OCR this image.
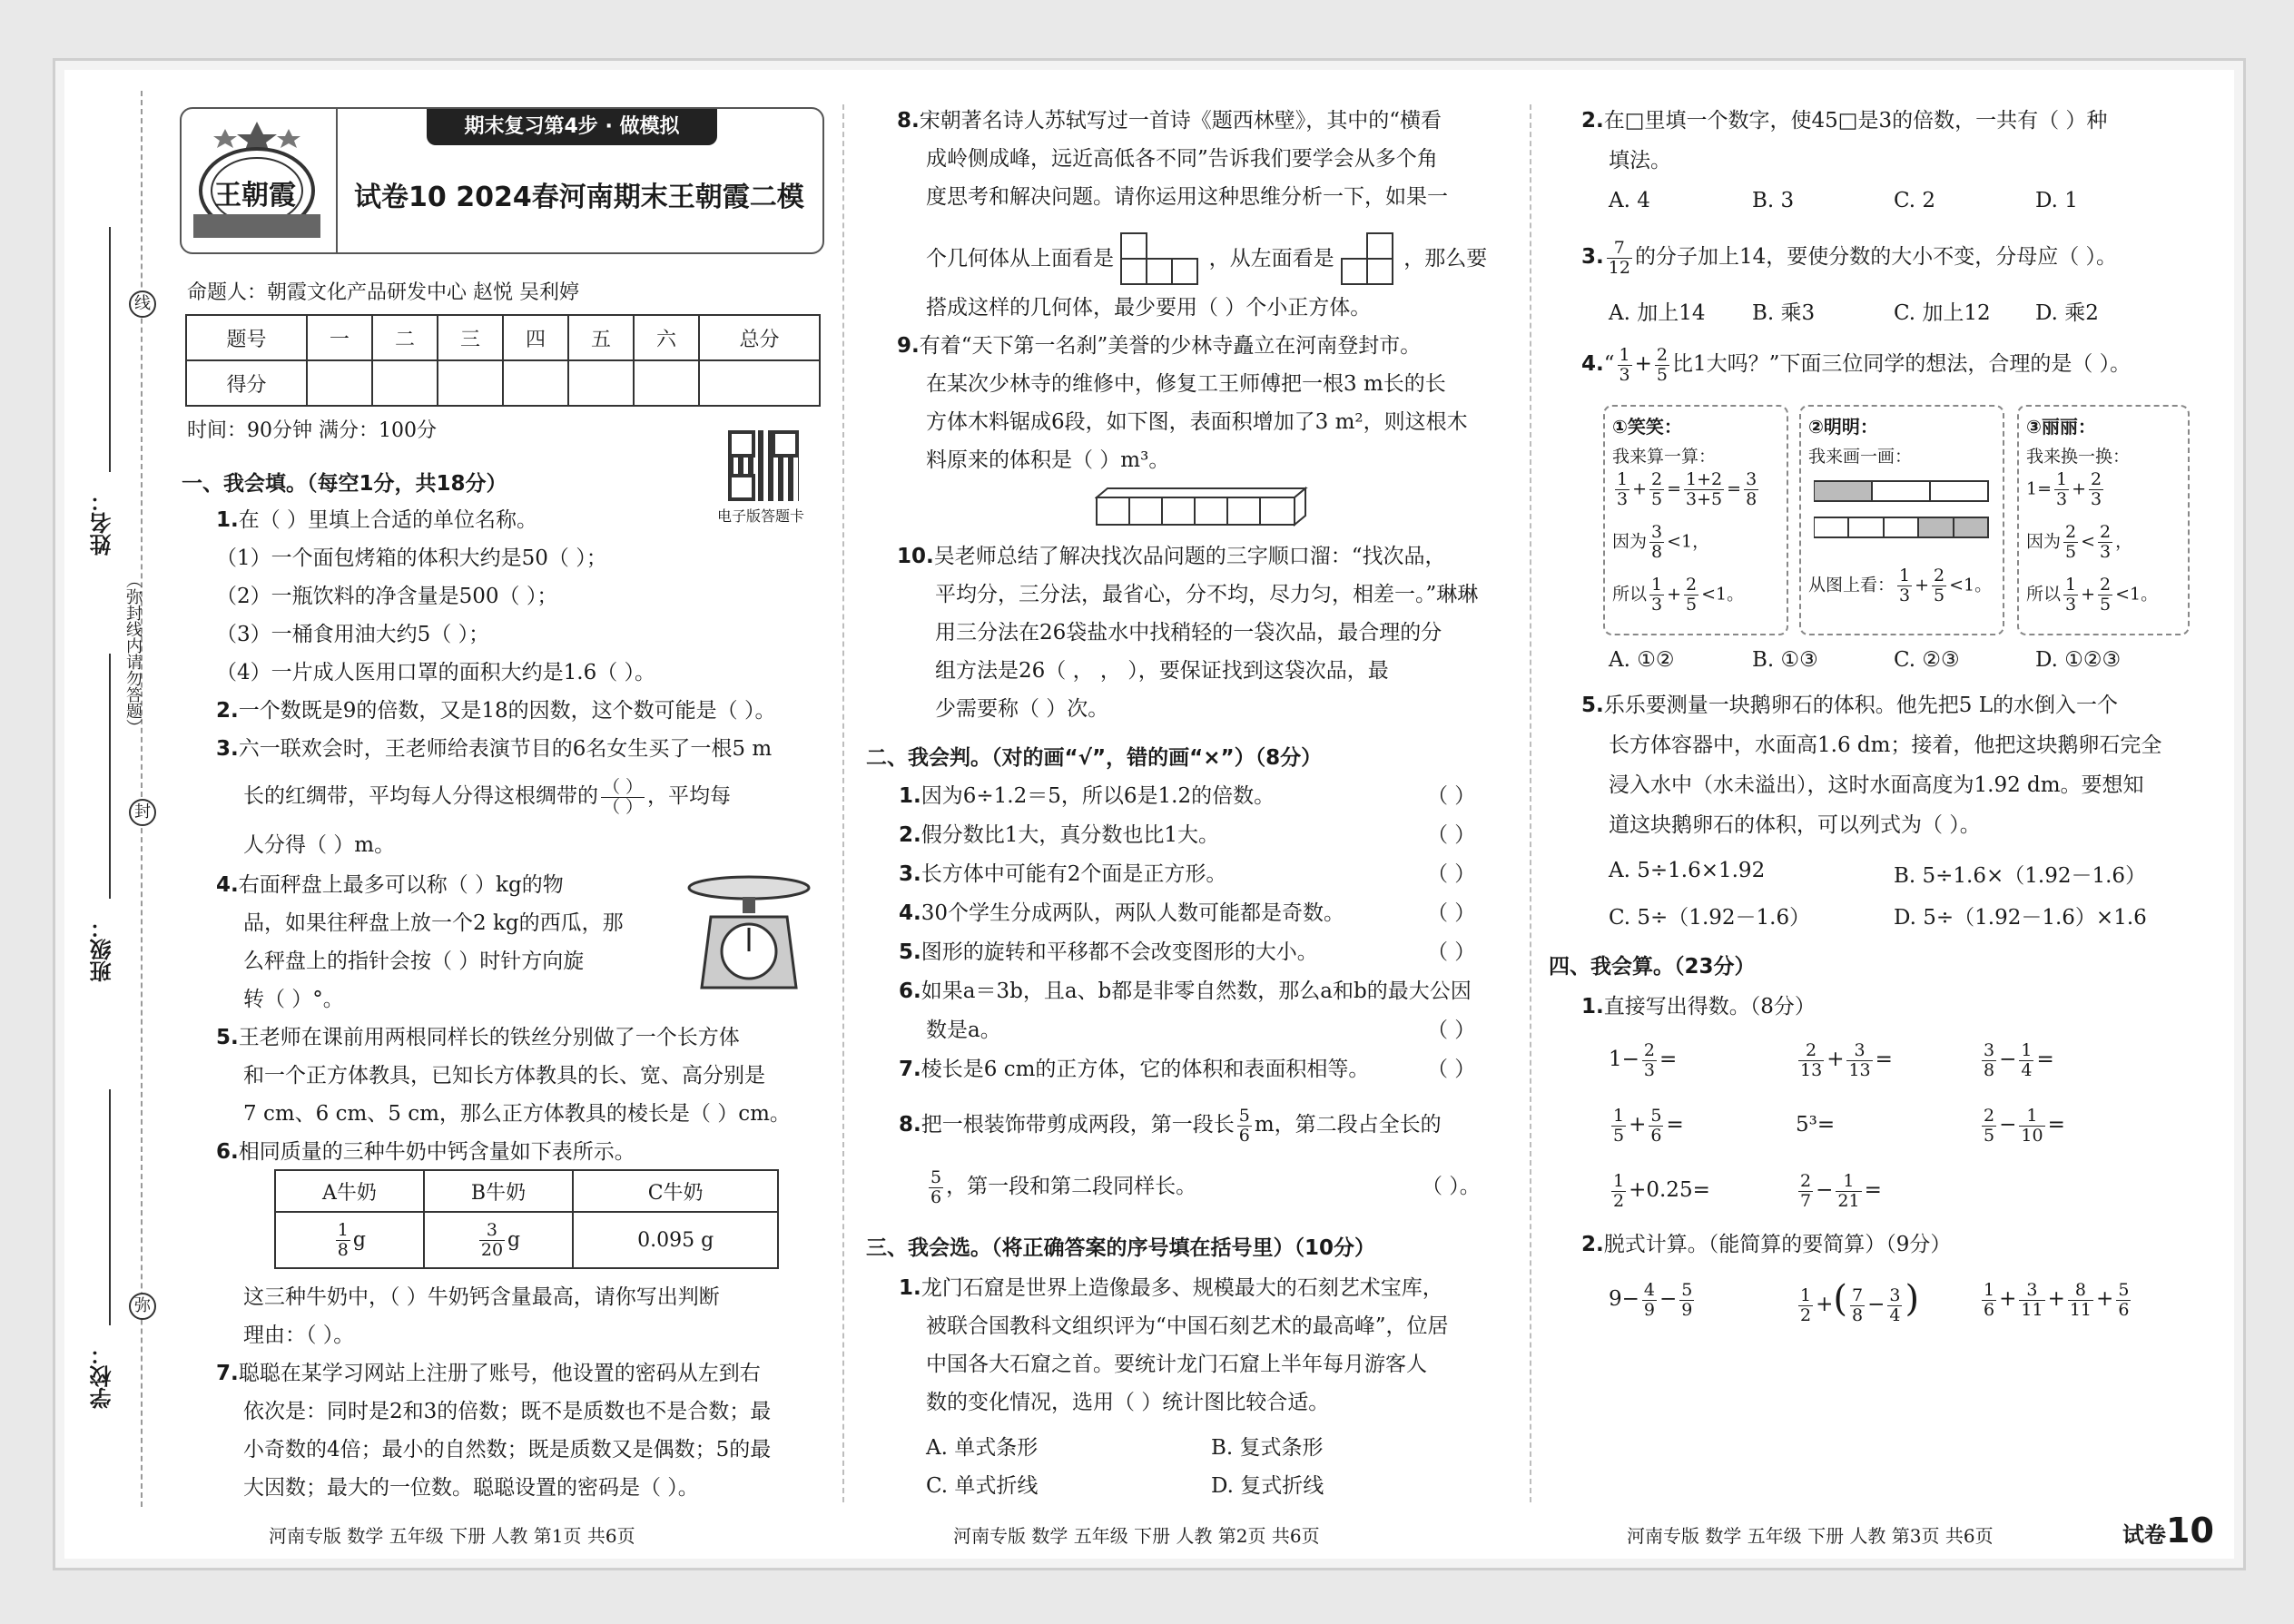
线
封
弥
（弥封线内请勿答题）
姓名：
班级：
学校：
王朝霞
期末复习第4步 · 做模拟
试卷10 2024春河南期末王朝霞二模
命题人：朝霞文化产品研发中心 赵悦 吴利婷
题号	一	二	三	四	五	六	总分
得分							
时间：90分钟 满分：100分
电子版答题卡
一、我会填。（每空1分，共18分）
1.在（ ）里填上合适的单位名称。
（1）一个面包烤箱的体积大约是50（ ）；
（2）一瓶饮料的净含量是500（ ）；
（3）一桶食用油大约5（ ）；
（4）一片成人医用口罩的面积大约是1.6（ ）。
2.一个数既是9的倍数，又是18的因数，这个数可能是（ ）。
3.六一联欢会时，王老师给表演节目的6名女生买了一根5 m
长的红绸带，平均每人分得这根绸带的 $\frac{( )}{( )}$ ，平均每
人分得（ ）m。
4.右面秤盘上最多可以称（ ）kg的物
品，如果往秤盘上放一个2 kg的西瓜，那
么秤盘上的指针会按（ ）时针方向旋
转（ ）°。
5.王老师在课前用两根同样长的铁丝分别做了一个长方体
和一个正方体教具，已知长方体教具的长、宽、高分别是
7 cm、6 cm、5 cm，那么正方体教具的棱长是（ ）cm。
6.相同质量的三种牛奶中钙含量如下表所示。
A牛奶	B牛奶	C牛奶

$\frac{1}{8}$ g	$\frac{3}{20}$ g	0.095 g
这三种牛奶中，（ ）牛奶钙含量最高，请你写出判断
理由：（ ）。
7.聪聪在某学习网站上注册了账号，他设置的密码从左到右
依次是：同时是2和3的倍数；既不是质数也不是合数；最
小奇数的4倍；最小的自然数；既是质数又是偶数；5的最
大因数；最大的一位数。聪聪设置的密码是（ ）。
8.宋朝著名诗人苏轼写过一首诗《题西林壁》，其中的“横看
成岭侧成峰，远近高低各不同”告诉我们要学会从多个角
度思考和解决问题。请你运用这种思维分析一下，如果一
个几何体从上面看是	，从左面看是	，那么要
搭成这样的几何体，最少要用（ ）个小正方体。
9.有着“天下第一名刹”美誉的少林寺矗立在河南登封市。
在某次少林寺的维修中，修复工王师傅把一根3 m长的长
方体木料锯成6段，如下图，表面积增加了3 m²，则这根木
料原来的体积是（ ）m³。
10.吴老师总结了解决找次品问题的三字顺口溜：“找次品，
平均分，三分法，最省心，分不均，尽力匀，相差一。”琳琳
用三分法在26袋盐水中找稍轻的一袋次品，最合理的分
组方法是26（ ， ， ），要保证找到这袋次品，最
少需要称（ ）次。
二、我会判。（对的画“√”，错的画“×”）（8分）
1.因为6÷1.2＝5，所以6是1.2的倍数。
2.假分数比1大，真分数也比1大。
3.长方体中可能有2个面是正方形。
4.30个学生分成两队，两队人数可能都是奇数。
5.图形的旋转和平移都不会改变图形的大小。
6.如果a＝3b，且a、b都是非零自然数，那么a和b的最大公因
数是a。
7.棱长是6 cm的正方体，它的体积和表面积相等。
（ ）
（ ）
（ ）
（ ）
（ ）
（ ）
（ ）
8.把一根装饰带剪成两段，第一段长 $\frac{5}{6}$ m，第二段占全长的
$\frac{5}{6}$ ，第一段和第二段同样长。	（ ）。
三、我会选。（将正确答案的序号填在括号里）（10分）
1.龙门石窟是世界上造像最多、规模最大的石刻艺术宝库，
被联合国教科文组织评为“中国石刻艺术的最高峰”，位居
中国各大石窟之首。要统计龙门石窟上半年每月游客人
数的变化情况，选用（ ）统计图比较合适。
A. 单式条形	B. 复式条形
C. 单式折线	D. 复式折线
2.在□里填一个数字，使45□是3的倍数，一共有（ ）种
填法。
A. 4	B. 3	C. 2	D. 1
3. $\frac{7}{12}$ 的分子加上14，要使分数的大小不变，分母应（ ）。
A. 加上14 B. 乘3	C. 加上12 D. 乘2
4.“ $\frac{1}{3} + \frac{2}{5}$ 比1大吗？”下面三位同学的想法，合理的是（ ）。
①笑笑：
我来算一算：
$\frac{1}{3} + \frac{2}{5} = \frac{1+2}{3+5} = \frac{3}{8}$
因为 $\frac{3}{8} <1$，
所以 $\frac{1}{3} + \frac{2}{5} <1$。
②明明：
我来画一画：
从图上看： $\frac{1}{3} + \frac{2}{5} <1$。
③丽丽：
我来换一换：
$1= \frac{1}{3} + \frac{2}{3}$
因为 $\frac{2}{5} < \frac{2}{3}$ ，
所以 $\frac{1}{3} + \frac{2}{5} <1$。
A. ①②	B. ①③	C. ②③	D. ①②③
5.乐乐要测量一块鹅卵石的体积。他先把5 L的水倒入一个
长方体容器中，水面高1.6 dm；接着，他把这块鹅卵石完全
浸入水中（水未溢出），这时水面高度为1.92 dm。要想知
道这块鹅卵石的体积，可以列式为（ ）。
A. 5÷1.6×1.92	B. 5÷1.6×（1.92－1.6）
C. 5÷（1.92－1.6）	D. 5÷（1.92－1.6）×1.6
四、我会算。（23分）
1.直接写出得数。（8分）
$1- \frac{2}{3}$ =	$\frac{2}{13} + \frac{3}{13}$ =	$\frac{3}{8} - \frac{1}{4}$ =
$\frac{1}{5} + \frac{5}{6}$ =	5³=	$\frac{2}{5} - \frac{1}{10}$ =
$\frac{1}{2} +0.25=$	$\frac{2}{7} - \frac{1}{21}$ =
2.脱式计算。（能简算的要简算）（9分）
$9- \frac{4}{9} - \frac{5}{9}$	$\frac{1}{2}$ +( $\frac{7}{8} - \frac{3}{4}$ )	$\frac{1}{6} + \frac{3}{11} + \frac{8}{11} + \frac{5}{6}$
河南专版 数学 五年级 下册 人教 第1页 共6页	河南专版 数学 五年级 下册 人教 第2页 共6页	河南专版 数学 五年级 下册 人教 第3页 共6页	试卷10
